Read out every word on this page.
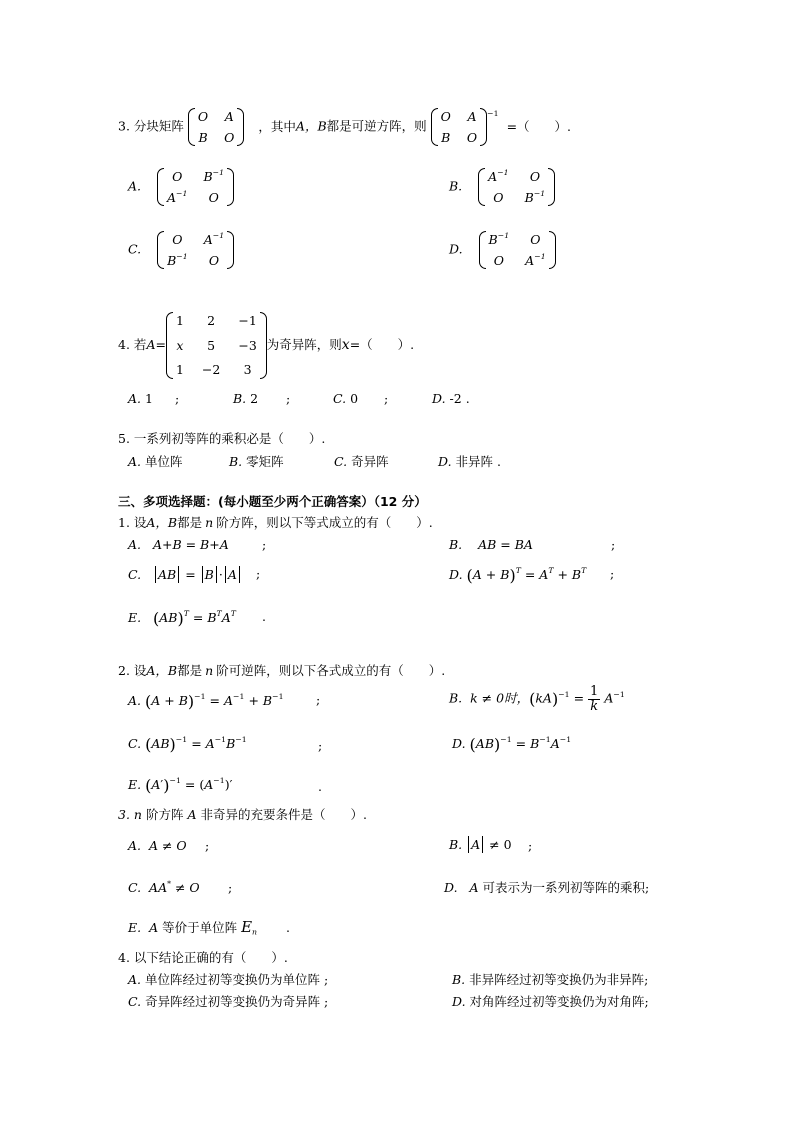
3. 分块矩阵
O A
B O
，其中A，B都是可逆方阵，则
O A
B O
$^{-1}$ =（　　）.
A.
O	$B^{-1}$
$A^{-1}$	O
B.
$A^{-1}$	O
O	$B^{-1}$
C.
O	$A^{-1}$
$B^{-1}$	O
D.
$B^{-1}$	O
O	$A^{-1}$
4. 若A=
1	2	−1
x	5	−3
1 −2	3
为奇异阵，则x=（　　）.
A. 1 ;	B. 2 ;	C. 0 ;	D. -2 .
5. 一系列初等阵的乘积必是（　　）.
A. 单位阵	B. 零矩阵	C. 奇异阵	D. 非异阵 .
三、多项选择题：(每小题至少两个正确答案）（12 分）
1. 设A，B都是 n 阶方阵，则以下等式成立的有（　　）.
A. A+B = B+A	;	B. AB = BA	;
C. AB = B · A	;	D. $(A + B)^T = A^T + B^T$ ;
E. $(AB)^T = B^TA^T$ .
2. 设A，B都是 n 阶可逆阵，则以下各式成立的有（　　）.
A. $(A + B)^{-1} = A^{-1} + B^{-1}$	;	B. k ≠ 0时，$(kA)^{-1} = \frac{1}{k} A^{-1}$
C. $(AB)^{-1} = A^{-1}B^{-1}$	;	D. $(AB)^{-1} = B^{-1}A^{-1}$
E. $(A')^{-1} = (A^{-1})'$	.
3. n 阶方阵 A 非奇异的充要条件是（　　）.
A. A ≠ O ;	B. A ≠ 0 ;
C. AA* ≠ O ;	D. A 可表示为一系列初等阵的乘积;
E. A 等价于单位阵 $E_n$ .
4. 以下结论正确的有（　　）.
A. 单位阵经过初等变换仍为单位阵 ;	B. 非异阵经过初等变换仍为非异阵;
C. 奇异阵经过初等变换仍为奇异阵 ;	D. 对角阵经过初等变换仍为对角阵;
